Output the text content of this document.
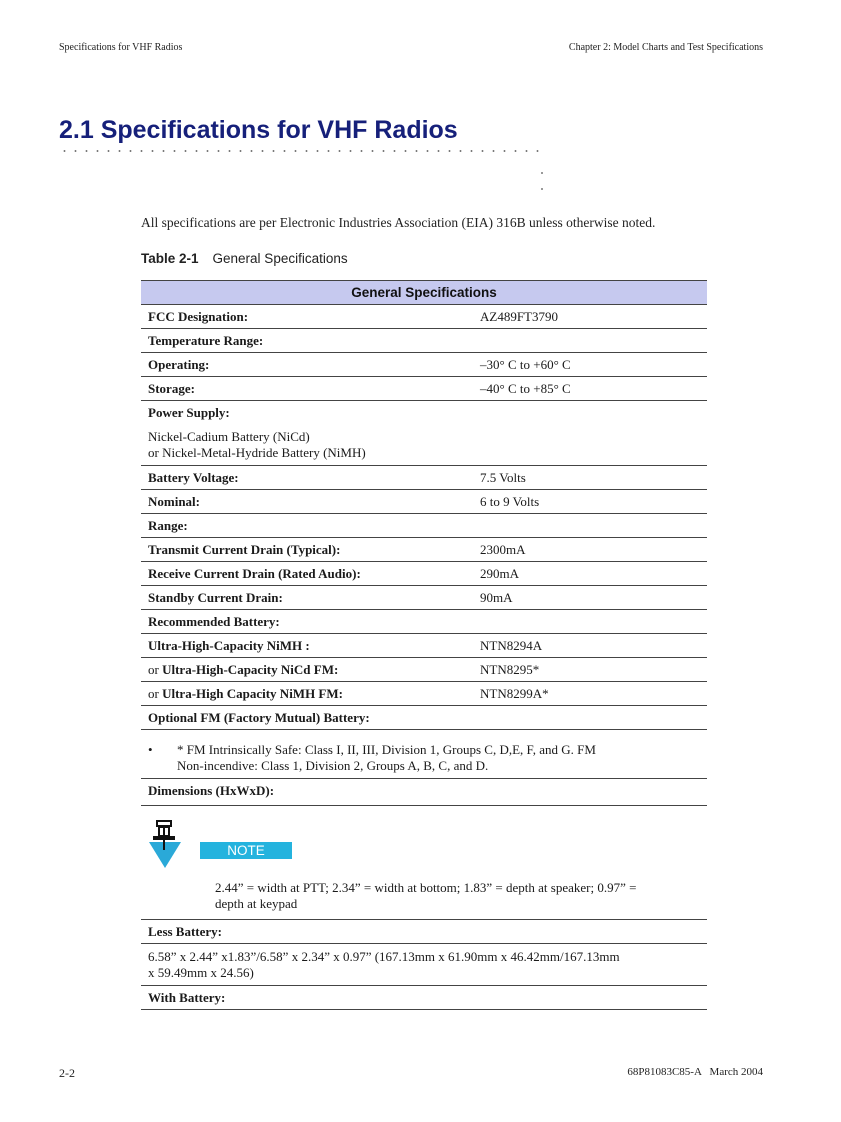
Specifications for VHF Radios	Chapter 2: Model Charts and Test Specifications
2.1 Specifications for VHF Radios
All specifications are per Electronic Industries Association (EIA) 316B unless otherwise noted.
Table 2-1 General Specifications
General Specifications
FCC Designation:	AZ489FT3790
Temperature Range:
Operating:	–30° C to +60° C
Storage:	–40° C to +85° C
Power Supply:
Nickel-Cadium Battery (NiCd)
or Nickel-Metal-Hydride Battery (NiMH)
Battery Voltage:	7.5 Volts
Nominal:	6 to 9 Volts
Range:
Transmit Current Drain (Typical):	2300mA
Receive Current Drain (Rated Audio):	290mA
Standby Current Drain:	90mA
Recommended Battery:
Ultra-High-Capacity NiMH :	NTN8294A
or Ultra-High-Capacity NiCd FM:	NTN8295*
or Ultra-High Capacity NiMH FM:	NTN8299A*
Optional FM (Factory Mutual) Battery:
•	* FM Intrinsically Safe: Class I, II, III, Division 1, Groups C, D,E, F, and G. FM
Non-incendive: Class 1, Division 2, Groups A, B, C, and D.
Dimensions (HxWxD):
NOTE
2.44” = width at PTT; 2.34” = width at bottom; 1.83” = depth at speaker; 0.97” =
depth at keypad
Less Battery:
6.58” x 2.44” x1.83”/6.58” x 2.34” x 0.97” (167.13mm x 61.90mm x 46.42mm/167.13mm
x 59.49mm x 24.56)
With Battery:
2-2	68P81083C85-A   March 2004
